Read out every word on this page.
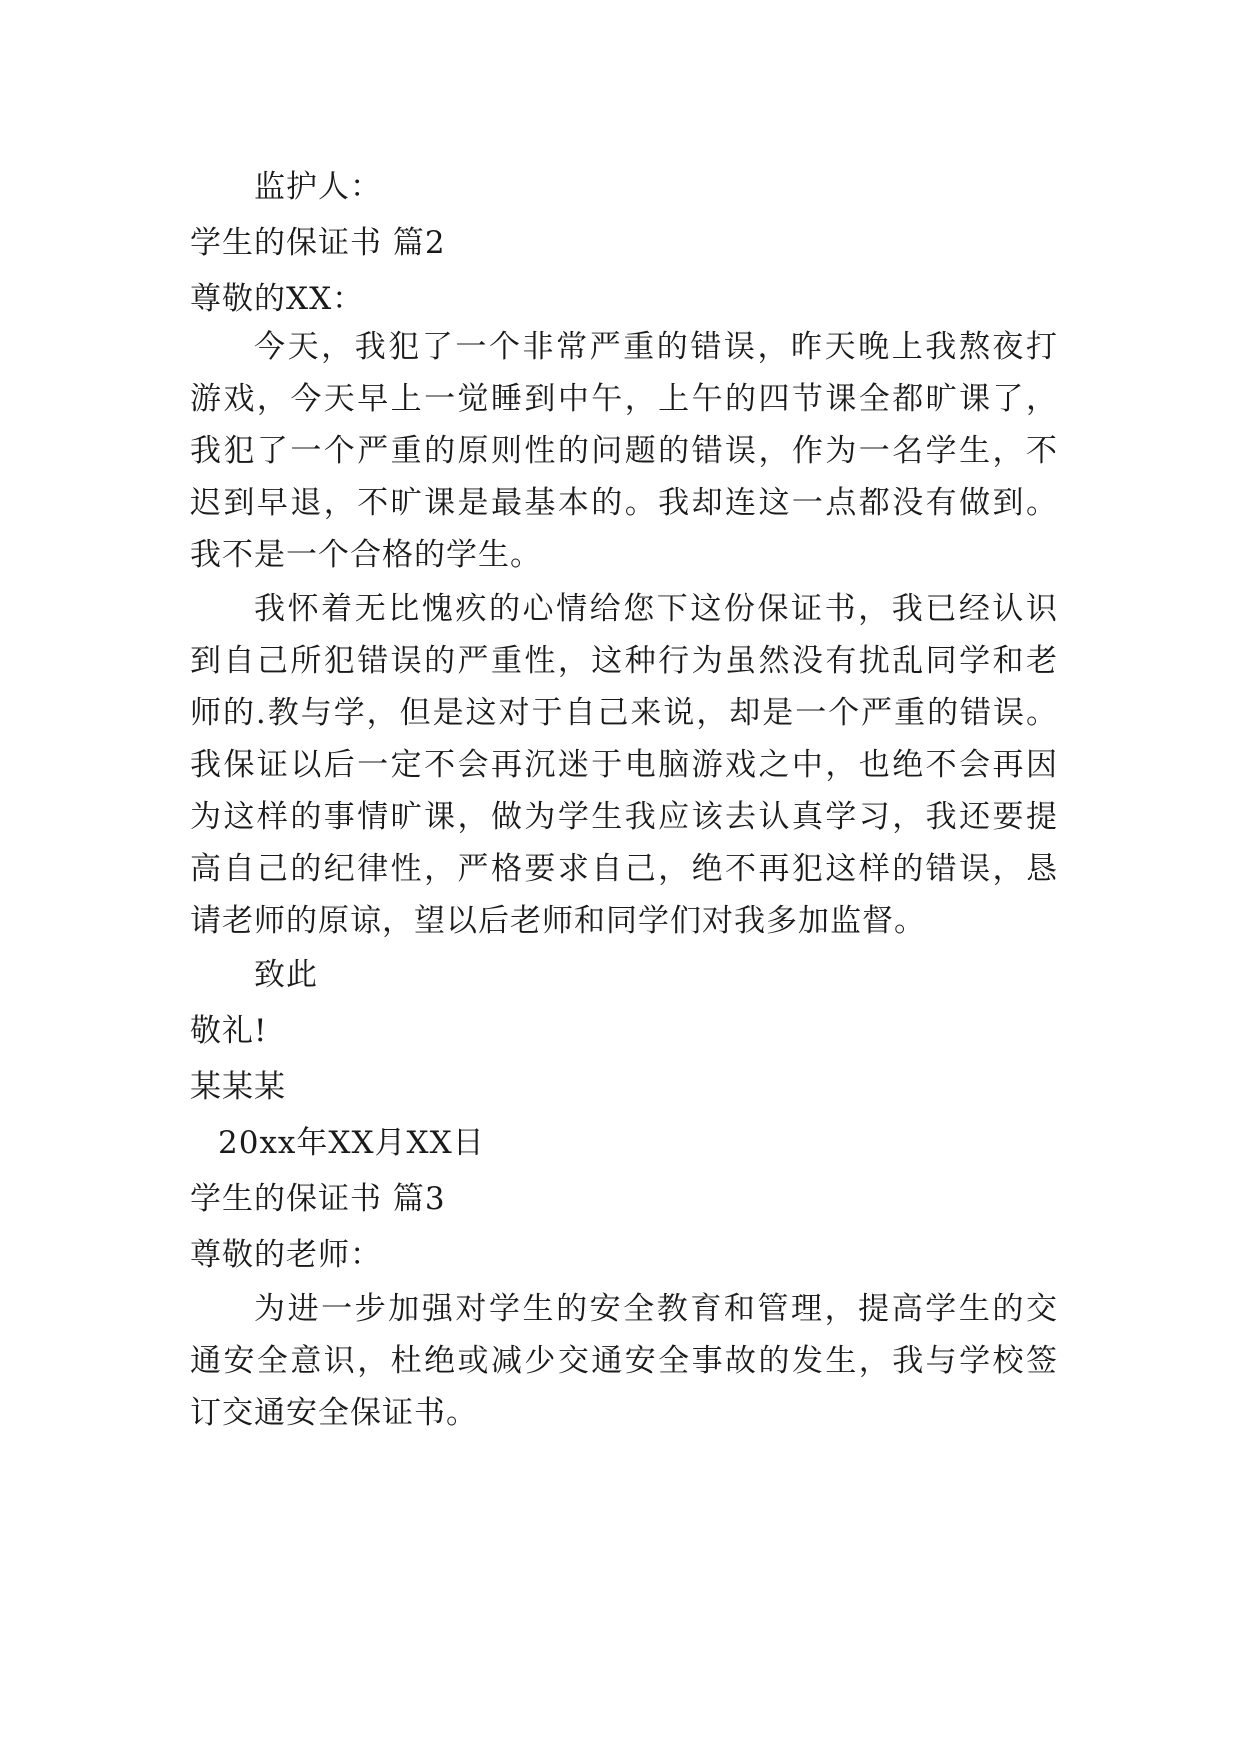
监护人：
学生的保证书 篇2
尊敬的XX：
今天，我犯了一个非常严重的错误，昨天晚上我熬夜打
游戏，今天早上一觉睡到中午，上午的四节课全都旷课了，
我犯了一个严重的原则性的问题的错误，作为一名学生，不
迟到早退，不旷课是最基本的。我却连这一点都没有做到。
我不是一个合格的学生。
我怀着无比愧疚的心情给您下这份保证书，我已经认识
到自己所犯错误的严重性，这种行为虽然没有扰乱同学和老
师的.教与学，但是这对于自己来说，却是一个严重的错误。
我保证以后一定不会再沉迷于电脑游戏之中，也绝不会再因
为这样的事情旷课，做为学生我应该去认真学习，我还要提
高自己的纪律性，严格要求自己，绝不再犯这样的错误，恳
请老师的原谅，望以后老师和同学们对我多加监督。
致此
敬礼!
某某某
20xx年XX月XX日
学生的保证书 篇3
尊敬的老师：
为进一步加强对学生的安全教育和管理，提高学生的交
通安全意识，杜绝或减少交通安全事故的发生，我与学校签
订交通安全保证书。
